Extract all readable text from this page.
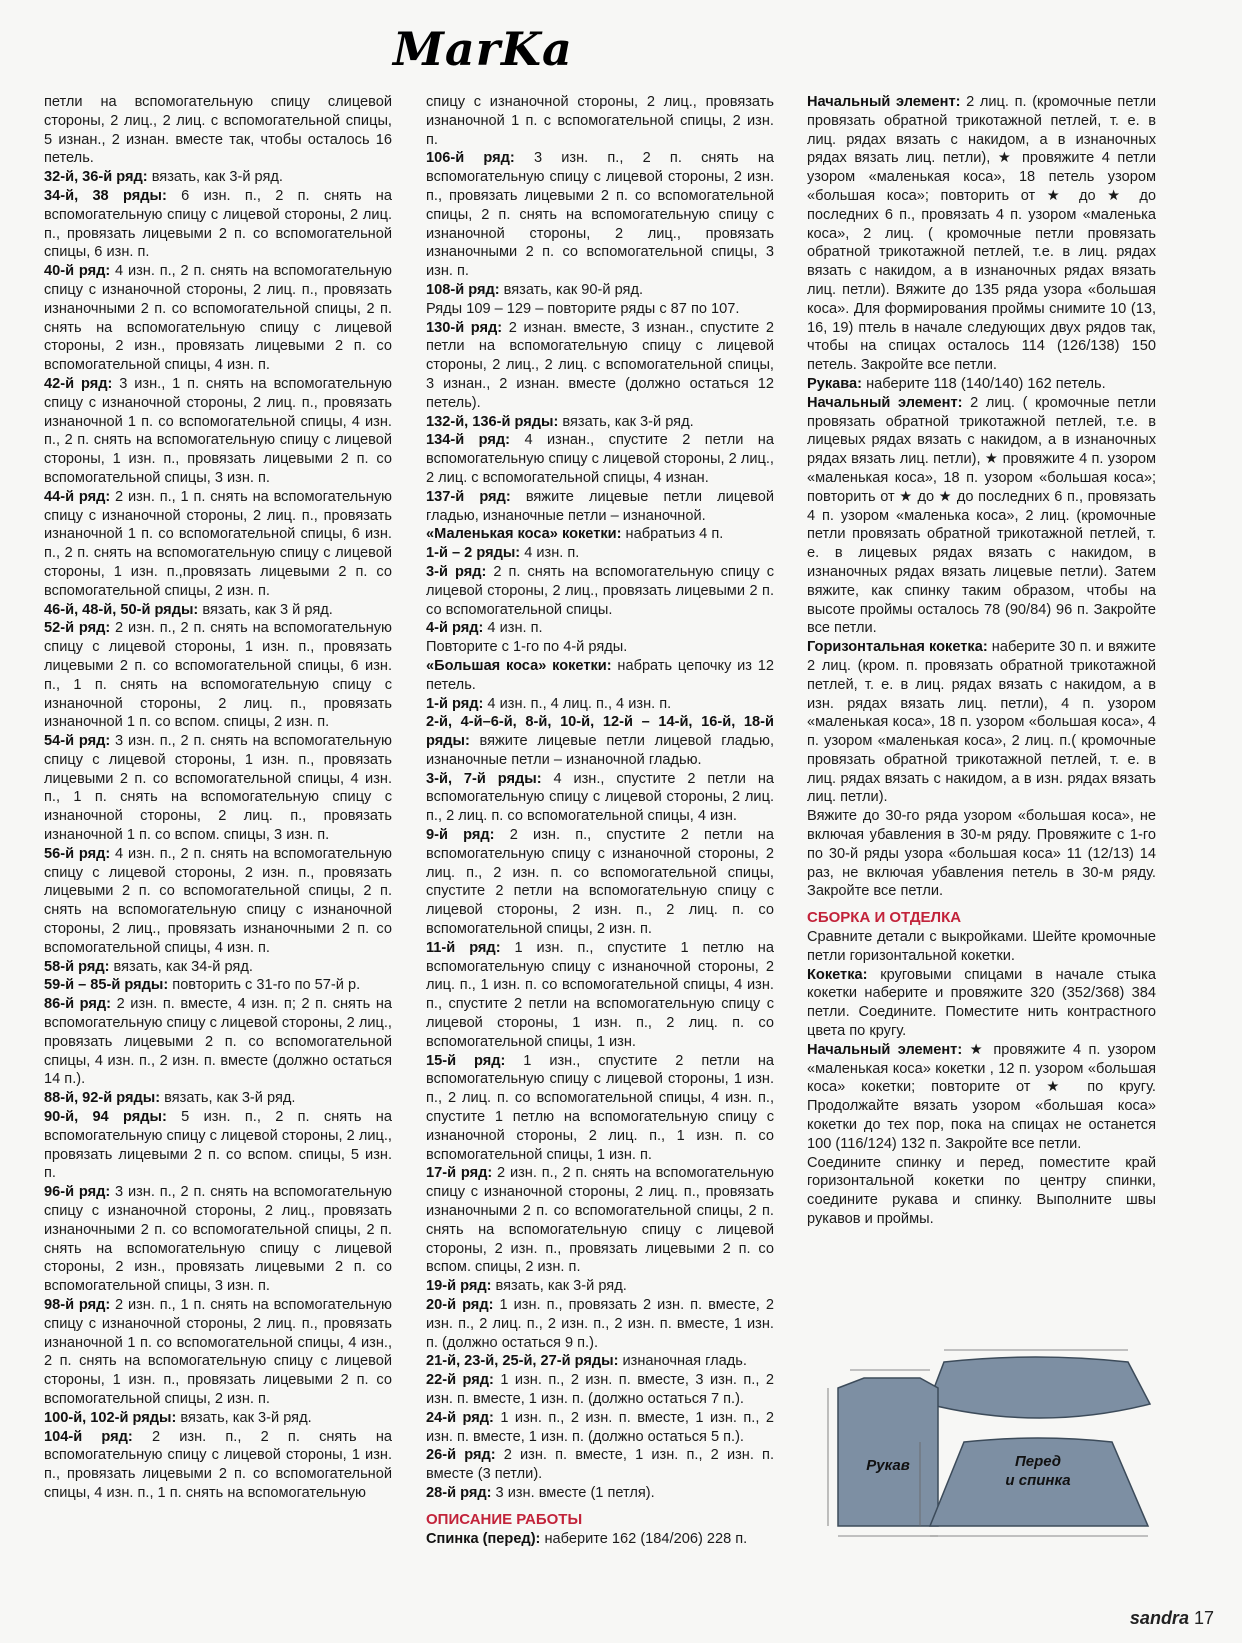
MarKa

петли на вспомогательную спицу слицевой стороны, 2 лиц., 2 лиц. с вспомогательной спицы, 5 изнан., 2 изнан. вместе так, чтобы осталось 16 петель.

32-й, 36-й ряд: вязать, как 3-й ряд.

34-й, 38 ряды: 6 изн. п., 2 п. снять на вспомогательную спицу с лицевой стороны, 2 лиц. п., провязать лицевыми 2 п. со вспомогательной спицы, 6 изн. п.

40-й ряд: 4 изн. п., 2 п. снять на вспомогательную спицу с изнаночной стороны, 2 лиц. п., провязать изнаночными 2 п. со вспомогательной спицы, 2 п. снять на вспомогательную спицу с лицевой стороны, 2 изн., провязать лицевыми 2 п. со вспомогательной спицы, 4 изн. п.

42-й ряд: 3 изн., 1 п. снять на вспомогательную спицу с изнаночной стороны, 2 лиц. п., провязать изнаночной 1 п. со вспомогательной спицы, 4 изн. п., 2 п. снять на вспомогательную спицу с лицевой стороны, 1 изн. п., провязать лицевыми 2 п. со вспомогательной спицы, 3 изн. п.

44-й ряд: 2 изн. п., 1 п. снять на вспомогательную спицу с изнаночной стороны, 2 лиц. п., провязать изнаночной 1 п. со вспомогательной спицы, 6 изн. п., 2 п. снять на вспомогательную спицу с лицевой стороны, 1 изн. п.,провязать лицевыми 2 п. со вспомогательной спицы, 2 изн. п.

46-й, 48-й, 50-й ряды: вязать, как 3 й ряд.

52-й ряд: 2 изн. п., 2 п. снять на вспомогательную спицу с лицевой стороны, 1 изн. п., провязать лицевыми 2 п. со вспомогательной спицы, 6 изн. п., 1 п. снять на вспомогательную спицу с изнаночной стороны, 2 лиц. п., провязать изнаночной 1 п. со вспом. спицы, 2 изн. п.

54-й ряд: 3 изн. п., 2 п. снять на вспомогательную спицу с лицевой стороны, 1 изн. п., провязать лицевыми 2 п. со вспомогательной спицы, 4 изн. п., 1 п. снять на вспомогательную спицу с изнаночной стороны, 2 лиц. п., провязать изнаночной 1 п. со вспом. спицы, 3 изн. п.

56-й ряд: 4 изн. п., 2 п. снять на вспомогательную спицу с лицевой стороны, 2 изн. п., провязать лицевыми 2 п. со вспомогательной спицы, 2 п. снять на вспомогательную спицу с изнаночной стороны, 2 лиц., провязать изнаночными 2 п. со вспомогательной спицы, 4 изн. п.

58-й ряд: вязать, как 34-й ряд.

59-й – 85-й ряды: повторить с 31-го по 57-й р.

86-й ряд: 2 изн. п. вместе, 4 изн. п; 2 п. снять на вспомогательную спицу с лицевой стороны, 2 лиц., провязать лицевыми 2 п. со вспомогательной спицы, 4 изн. п., 2 изн. п. вместе (должно остаться 14 п.).

88-й, 92-й ряды: вязать, как 3-й ряд.

90-й, 94 ряды: 5 изн. п., 2 п. снять на вспомогательную спицу с лицевой стороны, 2 лиц., провязать лицевыми 2 п. со вспом. спицы, 5 изн. п.

96-й ряд: 3 изн. п., 2 п. снять на вспомогательную спицу с изнаночной стороны, 2 лиц., провязать изнаночными 2 п. со вспомогательной спицы, 2 п. снять на вспомогательную спицу с лицевой стороны, 2 изн., провязать лицевыми 2 п. со вспомогательной спицы, 3 изн. п.

98-й ряд: 2 изн. п., 1 п. снять на вспомогательную спицу с изнаночной стороны, 2 лиц. п., провязать изнаночной 1 п. со вспомогательной спицы, 4 изн., 2 п. снять на вспомогательную спицу с лицевой стороны, 1 изн. п., провязать лицевыми 2 п. со вспомогательной спицы, 2 изн. п.

100-й, 102-й ряды: вязать, как 3-й ряд.

104-й ряд: 2 изн. п., 2 п. снять на вспомогательную спицу с лицевой стороны, 1 изн. п., провязать лицевыми 2 п. со вспомогательной спицы, 4 изн. п., 1 п. снять на вспомогательную

спицу с изнаночной стороны, 2 лиц., провязать изнаночной 1 п. с вспомогательной спицы, 2 изн. п.

106-й ряд: 3 изн. п., 2 п. снять на вспомогательную спицу с лицевой стороны, 2 изн. п., провязать лицевыми 2 п. со вспомогательной спицы, 2 п. снять на вспомогательную спицу с изнаночной стороны, 2 лиц., провязать изнаночными 2 п. со вспомогательной спицы, 3 изн. п.

108-й ряд: вязать, как 90-й ряд.

Ряды 109 – 129 – повторите ряды с 87 по 107.

130-й ряд: 2 изнан. вместе, 3 изнан., спустите 2 петли на вспомогательную спицу с лицевой стороны, 2 лиц., 2 лиц. с вспомогательной спицы, 3 изнан., 2 изнан. вместе (должно остаться 12 петель).

132-й, 136-й ряды: вязать, как 3-й ряд.

134-й ряд: 4 изнан., спустите 2 петли на вспомогательную спицу с лицевой стороны, 2 лиц., 2 лиц. с вспомогательной спицы, 4 изнан.

137-й ряд: вяжите лицевые петли лицевой гладью, изнаночные петли – изнаночной.

«Маленькая коса» кокетки: набратьиз 4 п.

1-й – 2 ряды: 4 изн. п.

3-й ряд: 2 п. снять на вспомогательную спицу с лицевой стороны, 2 лиц., провязать лицевыми 2 п. со вспомогательной спицы.

4-й ряд: 4 изн. п.

Повторите с 1-го по 4-й ряды.

«Большая коса» кокетки: набрать цепочку из 12 петель.

1-й ряд: 4 изн. п., 4 лиц. п., 4 изн. п.

2-й, 4-й–6-й, 8-й, 10-й, 12-й – 14-й, 16-й, 18-й ряды: вяжите лицевые петли лицевой гладью, изнаночные петли – изнаночной гладью.

3-й, 7-й ряды: 4 изн., спустите 2 петли на вспомогательную спицу с лицевой стороны, 2 лиц. п., 2 лиц. п. со вспомогательной спицы, 4 изн.

9-й ряд: 2 изн. п., спустите 2 петли на вспомогательную спицу с изнаночной стороны, 2 лиц. п., 2 изн. п. со вспомогательной спицы, спустите 2 петли на вспомогательную спицу с лицевой стороны, 2 изн. п., 2 лиц. п. со вспомогательной спицы, 2 изн. п.

11-й ряд: 1 изн. п., спустите 1 петлю на вспомогательную спицу с изнаночной стороны, 2 лиц. п., 1 изн. п. со вспомогательной спицы, 4 изн. п., спустите 2 петли на вспомогательную спицу с лицевой стороны, 1 изн. п., 2 лиц. п. со вспомогательной спицы, 1 изн.

15-й ряд: 1 изн., спустите 2 петли на вспомогательную спицу с лицевой стороны, 1 изн. п., 2 лиц. п. со вспомогательной спицы, 4 изн. п., спустите 1 петлю на вспомогательную спицу с изнаночной стороны, 2 лиц. п., 1 изн. п. со вспомогательной спицы, 1 изн. п.

17-й ряд: 2 изн. п., 2 п. снять на вспомогательную спицу с изнаночной стороны, 2 лиц. п., провязать изнаночными 2 п. со вспомогательной спицы, 2 п. снять на вспомогательную спицу с лицевой стороны, 2 изн. п., провязать лицевыми 2 п. со вспом. спицы, 2 изн. п.

19-й ряд: вязать, как 3-й ряд.

20-й ряд: 1 изн. п., провязать 2 изн. п. вместе, 2 изн. п., 2 лиц. п., 2 изн. п., 2 изн. п. вместе, 1 изн. п. (должно остаться 9 п.).

21-й, 23-й, 25-й, 27-й ряды: изнаночная гладь.

22-й ряд: 1 изн. п., 2 изн. п. вместе, 3 изн. п., 2 изн. п. вместе, 1 изн. п. (должно остаться 7 п.).

24-й ряд: 1 изн. п., 2 изн. п. вместе, 1 изн. п., 2 изн. п. вместе, 1 изн. п. (должно остаться 5 п.).

26-й ряд: 2 изн. п. вместе, 1 изн. п., 2 изн. п. вместе (3 петли).

28-й ряд: 3 изн. вместе (1 петля).

ОПИСАНИЕ РАБОТЫ

Спинка (перед): наберите 162 (184/206) 228 п.

Начальный элемент: 2 лиц. п. (кромочные петли провязать обратной трикотажной петлей, т. е. в лиц. рядах вязать с накидом, а в изнаночных рядах вязать лиц. петли), ★ провяжите 4 петли узором «маленькая коса», 18 петель узором «большая коса»; повторить от ★ до ★ до последних 6 п., провязать 4 п. узором «маленька коса», 2 лиц. ( кромочные петли провязать обратной трикотажной петлей, т.е. в лиц. рядах вязать с накидом, а в изнаночных рядах вязать лиц. петли). Вяжите до 135 ряда узора «большая коса». Для формирования проймы снимите 10 (13, 16, 19) птель в начале следующих двух рядов так, чтобы на спицах осталось 114 (126/138) 150 петель. Закройте все петли.

Рукава: наберите 118 (140/140) 162 петель.

Начальный элемент: 2 лиц. ( кромочные петли провязать обратной трикотажной петлей, т.е. в лицевых рядах вязать с накидом, а в изнаночных рядах вязать лиц. петли), ★ провяжите 4 п. узором «маленькая коса», 18 п. узором «большая коса»; повторить от ★ до ★ до последних 6 п., провязать 4 п. узором «маленька коса», 2 лиц. (кромочные петли провязать обратной трикотажной петлей, т. е. в лицевых рядах вязать с накидом, в изнаночных рядах вязать лицевые петли). Затем вяжите, как спинку таким образом, чтобы на высоте проймы осталось 78 (90/84) 96 п. Закройте все петли.

Горизонтальная кокетка: наберите 30 п. и вяжите 2 лиц. (кром. п. провязать обратной трикотажной петлей, т. е. в лиц. рядах вязать с накидом, а в изн. рядах вязать лиц. петли), 4 п. узором «маленькая коса», 18 п. узором «большая коса», 4 п. узором «маленькая коса», 2 лиц. п.( кромочные провязать обратной трикотажной петлей, т. е. в лиц. рядах вязать с накидом, а в изн. рядах вязать лиц. петли).

Вяжите до 30-го ряда узором «большая коса», не включая убавления в 30-м ряду. Провяжите с 1-го по 30-й ряды узора «большая коса» 11 (12/13) 14 раз, не включая убавления петель в 30-м ряду. Закройте все петли.

СБОРКА И ОТДЕЛКА

Сравните детали с выкройками. Шейте кромочные петли горизонтальной кокетки.

Кокетка: круговыми спицами в начале стыка кокетки наберите и провяжите 320 (352/368) 384 петли. Соедините. Поместите нить контрастного цвета по кругу.

Начальный элемент: ★ провяжите 4 п. узором «маленькая коса» кокетки , 12 п. узором «большая коса» кокетки; повторите от ★ по кругу. Продолжайте вязать узором «большая коса» кокетки до тех пор, пока на спицах не останется 100 (116/124) 132 п. Закройте все петли.

Соедините спинку и перед, поместите край горизонтальной кокетки по центру спинки, соедините рукава и спинку. Выполните швы рукавов и проймы.

Рукав	Перед
и спинка
sandra 17
